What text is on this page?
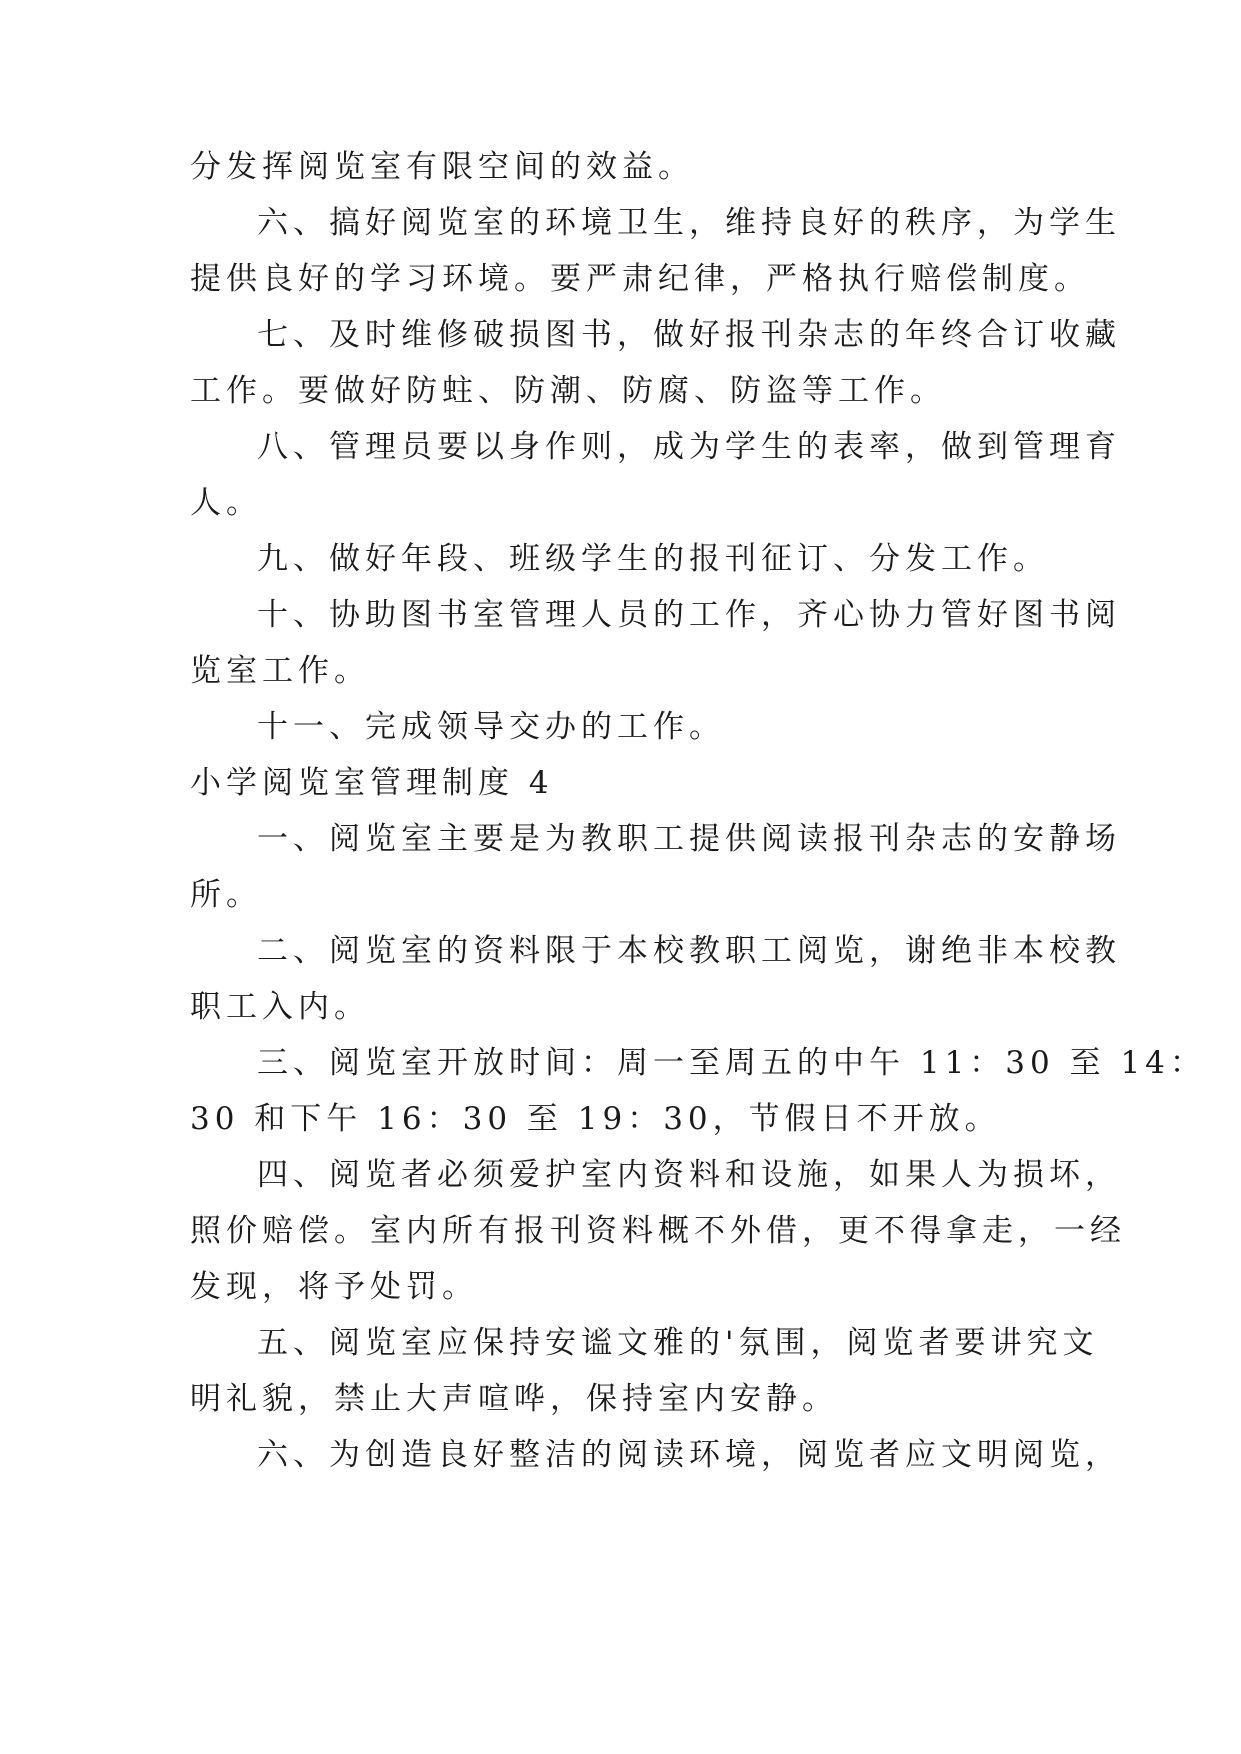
分发挥阅览室有限空间的效益。
六、搞好阅览室的环境卫生，维持良好的秩序，为学生
提供良好的学习环境。要严肃纪律，严格执行赔偿制度。
七、及时维修破损图书，做好报刊杂志的年终合订收藏
工作。要做好防蛀、防潮、防腐、防盗等工作。
八、管理员要以身作则，成为学生的表率，做到管理育
人。
九、做好年段、班级学生的报刊征订、分发工作。
十、协助图书室管理人员的工作，齐心协力管好图书阅
览室工作。
十一、完成领导交办的工作。
小学阅览室管理制度 4
一、阅览室主要是为教职工提供阅读报刊杂志的安静场
所。
二、阅览室的资料限于本校教职工阅览，谢绝非本校教
职工入内。
三、阅览室开放时间：周一至周五的中午 11：30 至 14：
30 和下午 16：30 至 19：30，节假日不开放。
四、阅览者必须爱护室内资料和设施，如果人为损坏，
照价赔偿。室内所有报刊资料概不外借，更不得拿走，一经
发现，将予处罚。
五、阅览室应保持安谧文雅的'氛围，阅览者要讲究文
明礼貌，禁止大声喧哗，保持室内安静。
六、为创造良好整洁的阅读环境，阅览者应文明阅览，
